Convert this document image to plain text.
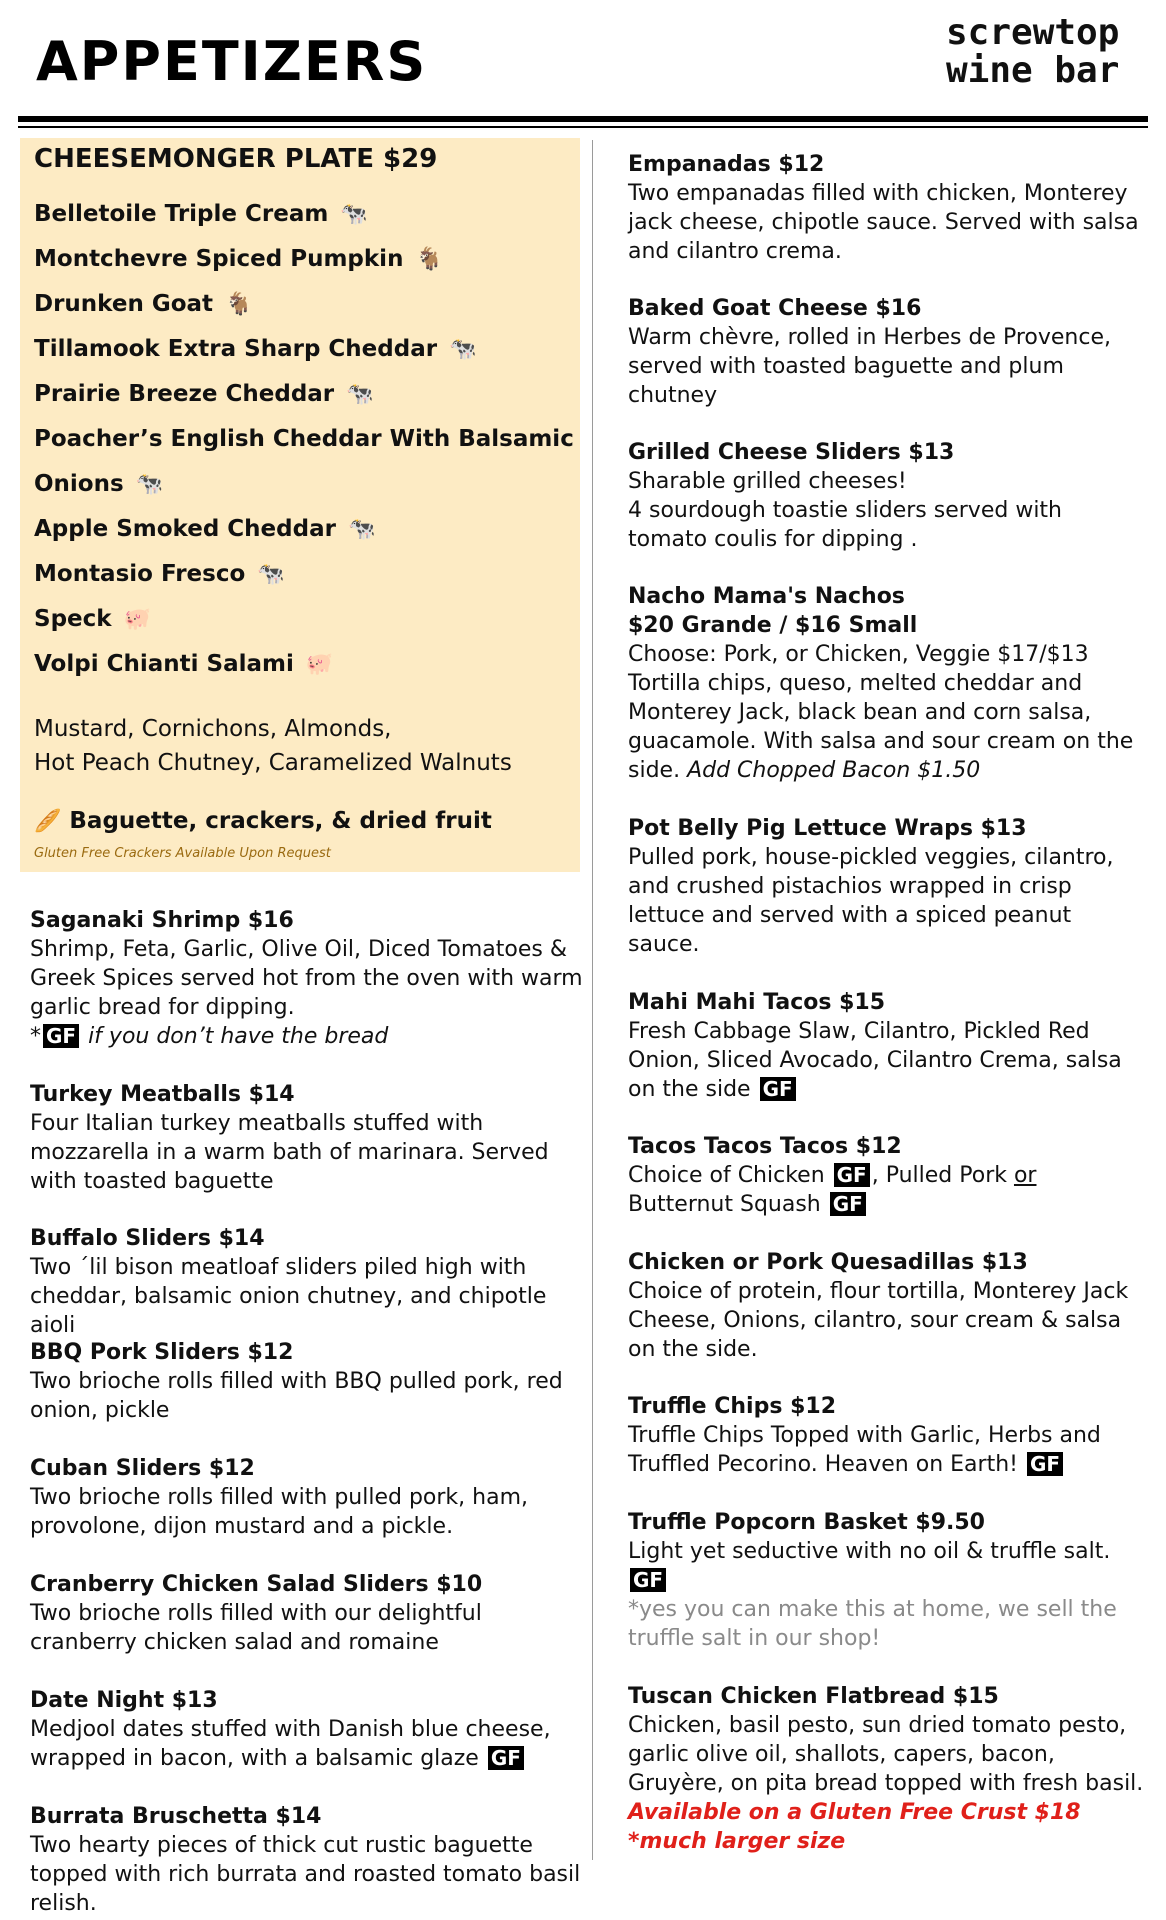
APPETIZERS	screwtop
wine bar
CHEESEMONGER PLATE $29
Belletoile Triple Cream 🐄
Montchevre Spiced Pumpkin 🐐
Drunken Goat 🐐
Tillamook Extra Sharp Cheddar 🐄
Prairie Breeze Cheddar 🐄
Poacher’s English Cheddar With Balsamic
Onions 🐄
Apple Smoked Cheddar 🐄
Montasio Fresco 🐄
Speck 🐖
Volpi Chianti Salami 🐖
Mustard, Cornichons, Almonds,
Hot Peach Chutney, Caramelized Walnuts
🥖 Baguette, crackers, & dried fruit
Gluten Free Crackers Available Upon Request
Saganaki Shrimp $16
Shrimp, Feta, Garlic, Olive Oil, Diced Tomatoes & Greek Spices served hot from the oven with warm garlic bread for dipping.
* GF if you don’t have the bread
Turkey Meatballs $14
Four Italian turkey meatballs stuffed with mozzarella in a warm bath of marinara. Served with toasted baguette
Buffalo Sliders $14
Two ´lil bison meatloaf sliders piled high with cheddar, balsamic onion chutney, and chipotle aioli
BBQ Pork Sliders $12
Two brioche rolls filled with BBQ pulled pork, red onion, pickle
Cuban Sliders $12
Two brioche rolls filled with pulled pork, ham, provolone, dijon mustard and a pickle.
Cranberry Chicken Salad Sliders $10
Two brioche rolls filled with our delightful cranberry chicken salad and romaine
Date Night $13
Medjool dates stuffed with Danish blue cheese, wrapped in bacon, with a balsamic glaze GF
Burrata Bruschetta $14
Two hearty pieces of thick cut rustic baguette topped with rich burrata and roasted tomato basil relish.
Empanadas $12
Two empanadas filled with chicken, Monterey jack cheese, chipotle sauce. Served with salsa and cilantro crema.
Baked Goat Cheese $16
Warm chèvre, rolled in Herbes de Provence, served with toasted baguette and plum chutney
Grilled Cheese Sliders $13
Sharable grilled cheeses!
4 sourdough toastie sliders served with tomato coulis for dipping .
Nacho Mama's Nachos
$20 Grande / $16 Small
Choose: Pork, or Chicken, Veggie $17/$13 Tortilla chips, queso, melted cheddar and Monterey Jack, black bean and corn salsa, guacamole. With salsa and sour cream on the side. Add Chopped Bacon $1.50
Pot Belly Pig Lettuce Wraps $13
Pulled pork, house-pickled veggies, cilantro, and crushed pistachios wrapped in crisp lettuce and served with a spiced peanut sauce.
Mahi Mahi Tacos $15
Fresh Cabbage Slaw, Cilantro, Pickled Red Onion, Sliced Avocado, Cilantro Crema, salsa on the side GF
Tacos Tacos Tacos $12
Choice of Chicken GF , Pulled Pork or Butternut Squash GF
Chicken or Pork Quesadillas $13
Choice of protein, flour tortilla, Monterey Jack Cheese, Onions, cilantro, sour cream & salsa on the side.
Truffle Chips $12
Truffle Chips Topped with Garlic, Herbs and Truffled Pecorino. Heaven on Earth! GF
Truffle Popcorn Basket $9.50
Light yet seductive with no oil & truffle salt.
GF
*yes you can make this at home, we sell the truffle salt in our shop!
Tuscan Chicken Flatbread $15
Chicken, basil pesto, sun dried tomato pesto, garlic olive oil, shallots, capers, bacon, Gruyère, on pita bread topped with fresh basil.
Available on a Gluten Free Crust $18 *much larger size
